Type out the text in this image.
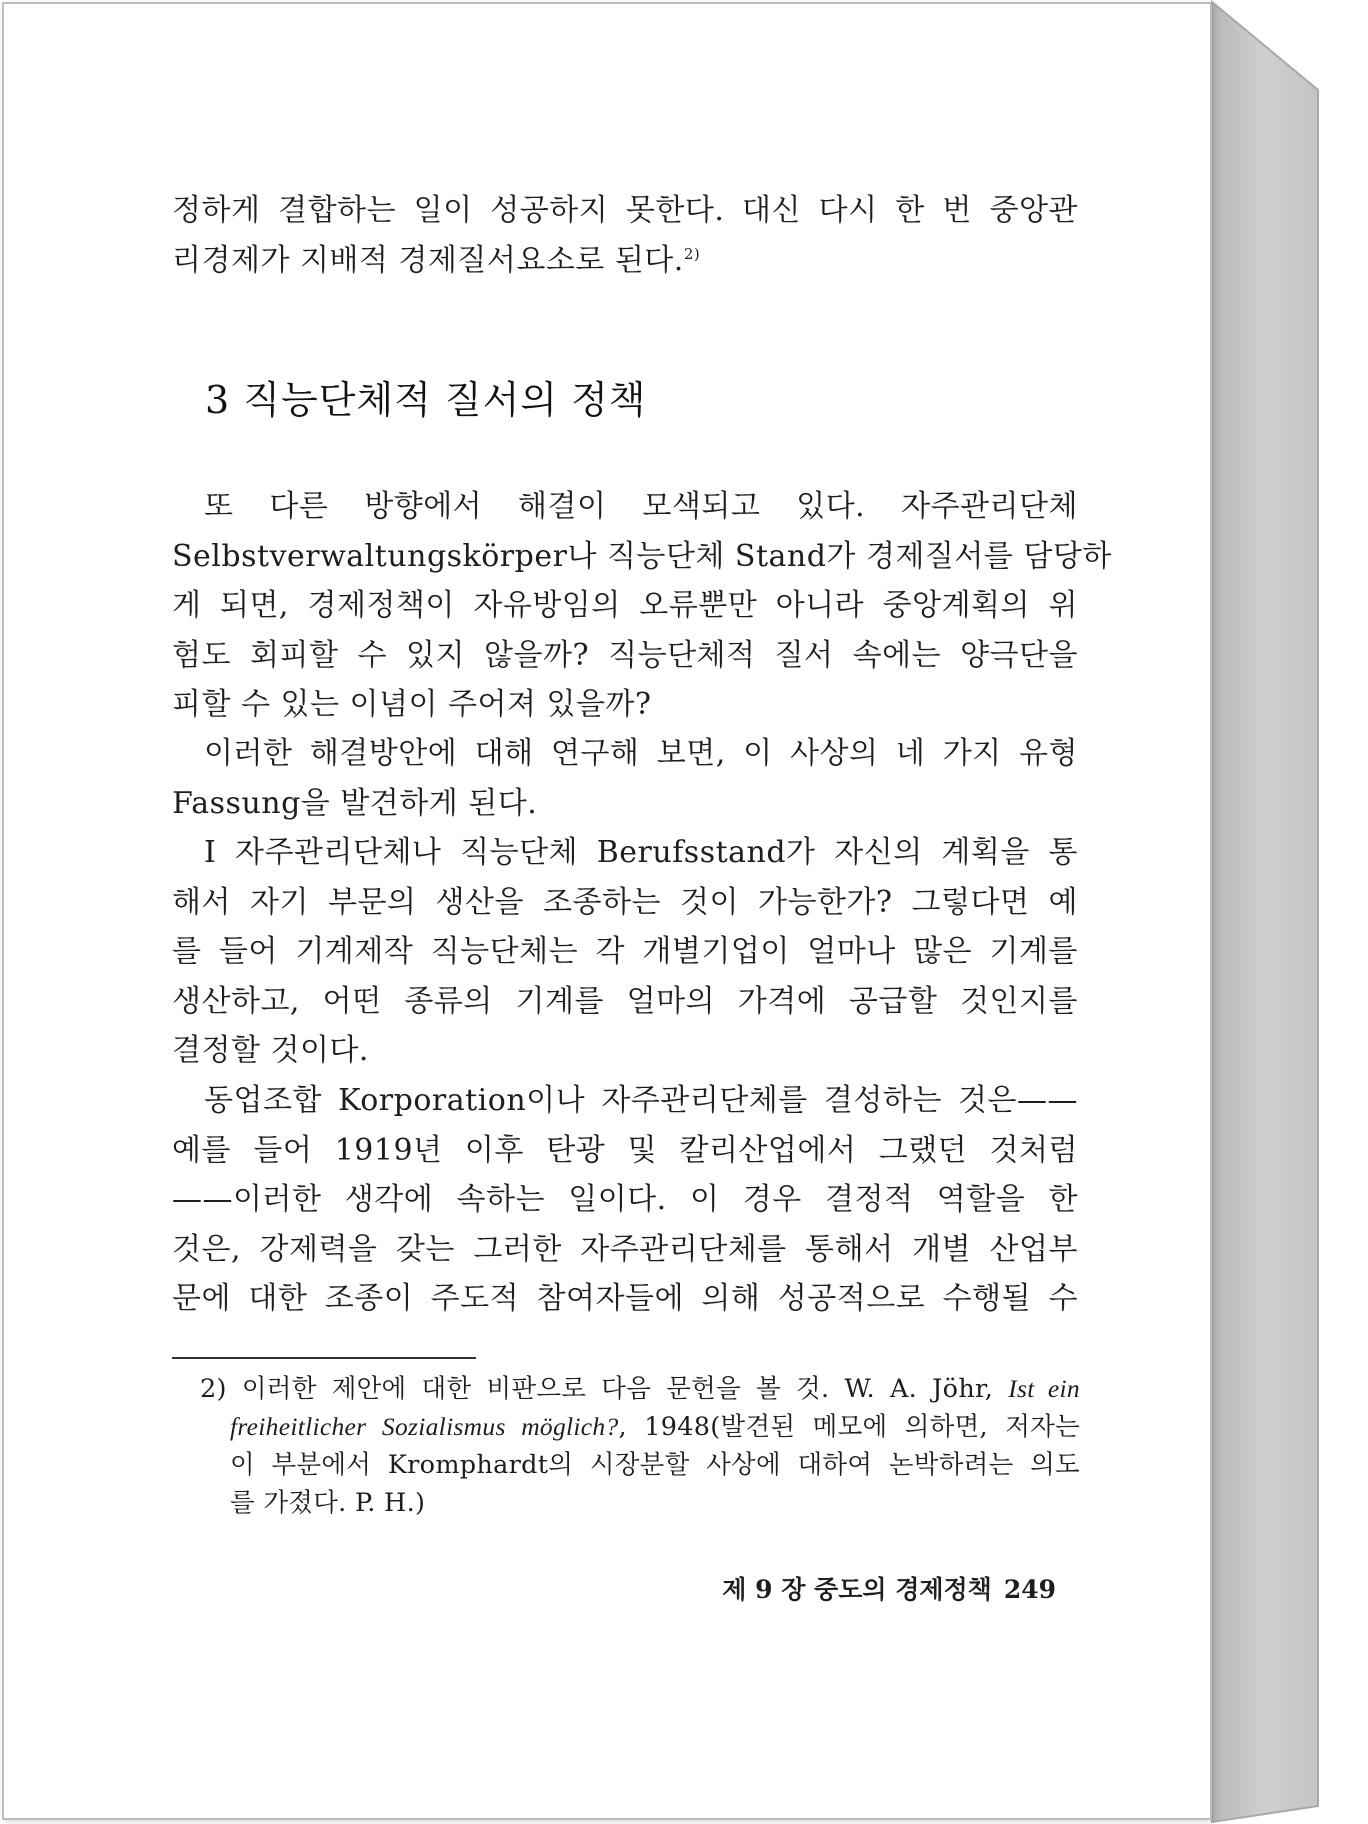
정하게 결합하는 일이 성공하지 못한다. 대신 다시 한 번 중앙관
리경제가 지배적 경제질서요소로 된다.$^{2)}$
3 직능단체적 질서의 정책
또 다른 방향에서 해결이 모색되고 있다. 자주관리단체
Selbstverwaltungskörper나 직능단체 Stand가 경제질서를 담당하
게 되면, 경제정책이 자유방임의 오류뿐만 아니라 중앙계획의 위
험도 회피할 수 있지 않을까? 직능단체적 질서 속에는 양극단을
피할 수 있는 이념이 주어져 있을까?
이러한 해결방안에 대해 연구해 보면, 이 사상의 네 가지 유형
Fassung을 발견하게 된다.
I 자주관리단체나 직능단체 Berufsstand가 자신의 계획을 통
해서 자기 부문의 생산을 조종하는 것이 가능한가? 그렇다면 예
를 들어 기계제작 직능단체는 각 개별기업이 얼마나 많은 기계를
생산하고, 어떤 종류의 기계를 얼마의 가격에 공급할 것인지를
결정할 것이다.
동업조합 Korporation이나 자주관리단체를 결성하는 것은——
예를 들어 1919년 이후 탄광 및 칼리산업에서 그랬던 것처럼
——이러한 생각에 속하는 일이다. 이 경우 결정적 역할을 한
것은, 강제력을 갖는 그러한 자주관리단체를 통해서 개별 산업부
문에 대한 조종이 주도적 참여자들에 의해 성공적으로 수행될 수
2) 이러한 제안에 대한 비판으로 다음 문헌을 볼 것. W. A. Jöhr, Ist ein
freiheitlicher Sozialismus möglich?, 1948(발견된 메모에 의하면, 저자는
이 부분에서 Kromphardt의 시장분할 사상에 대하여 논박하려는 의도
를 가졌다. P. H.)
제 9 장 중도의 경제정책 249
